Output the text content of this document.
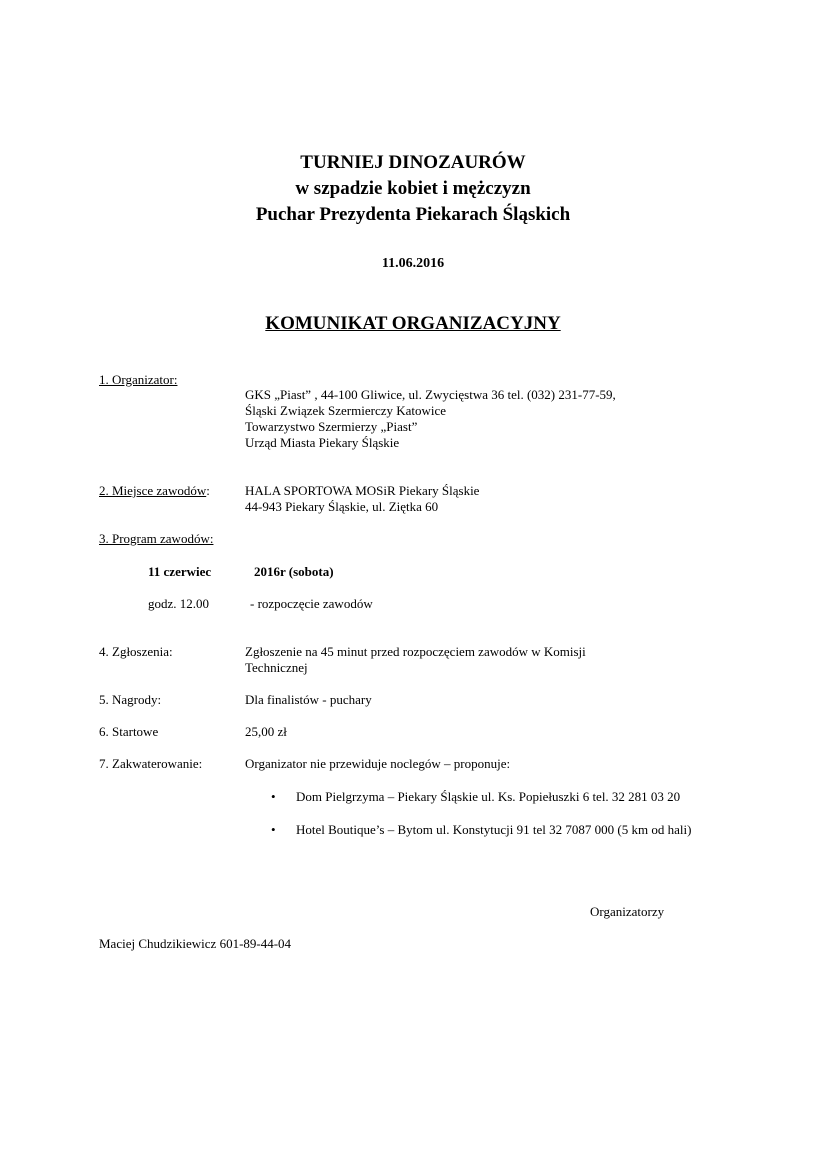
TURNIEJ DINOZAURÓW
w szpadzie kobiet i mężczyzn
Puchar Prezydenta Piekarach Śląskich
11.06.2016
KOMUNIKAT ORGANIZACYJNY
1. Organizator:
GKS „Piast” , 44-100 Gliwice, ul. Zwycięstwa 36 tel. (032) 231-77-59,
Śląski Związek Szermierczy Katowice
Towarzystwo Szermierzy „Piast”
Urząd Miasta Piekary Śląskie
2. Miejsce zawodów:	HALA SPORTOWA MOSiR Piekary Śląskie
44-943 Piekary Śląskie, ul. Ziętka 60
3. Program zawodów:
11 czerwiec	2016r (sobota)
godz. 12.00	- rozpoczęcie zawodów
4. Zgłoszenia:	Zgłoszenie na 45 minut przed rozpoczęciem zawodów w Komisji
Technicznej
5. Nagrody:	Dla finalistów - puchary
6. Startowe	25,00 zł
7. Zakwaterowanie:	Organizator nie przewiduje noclegów – proponuje:
• Dom Pielgrzyma – Piekary Śląskie ul. Ks. Popiełuszki 6 tel. 32 281 03 20
• Hotel Boutique’s – Bytom ul. Konstytucji 91 tel 32 7087 000 (5 km od hali)
Organizatorzy
Maciej Chudzikiewicz 601-89-44-04
